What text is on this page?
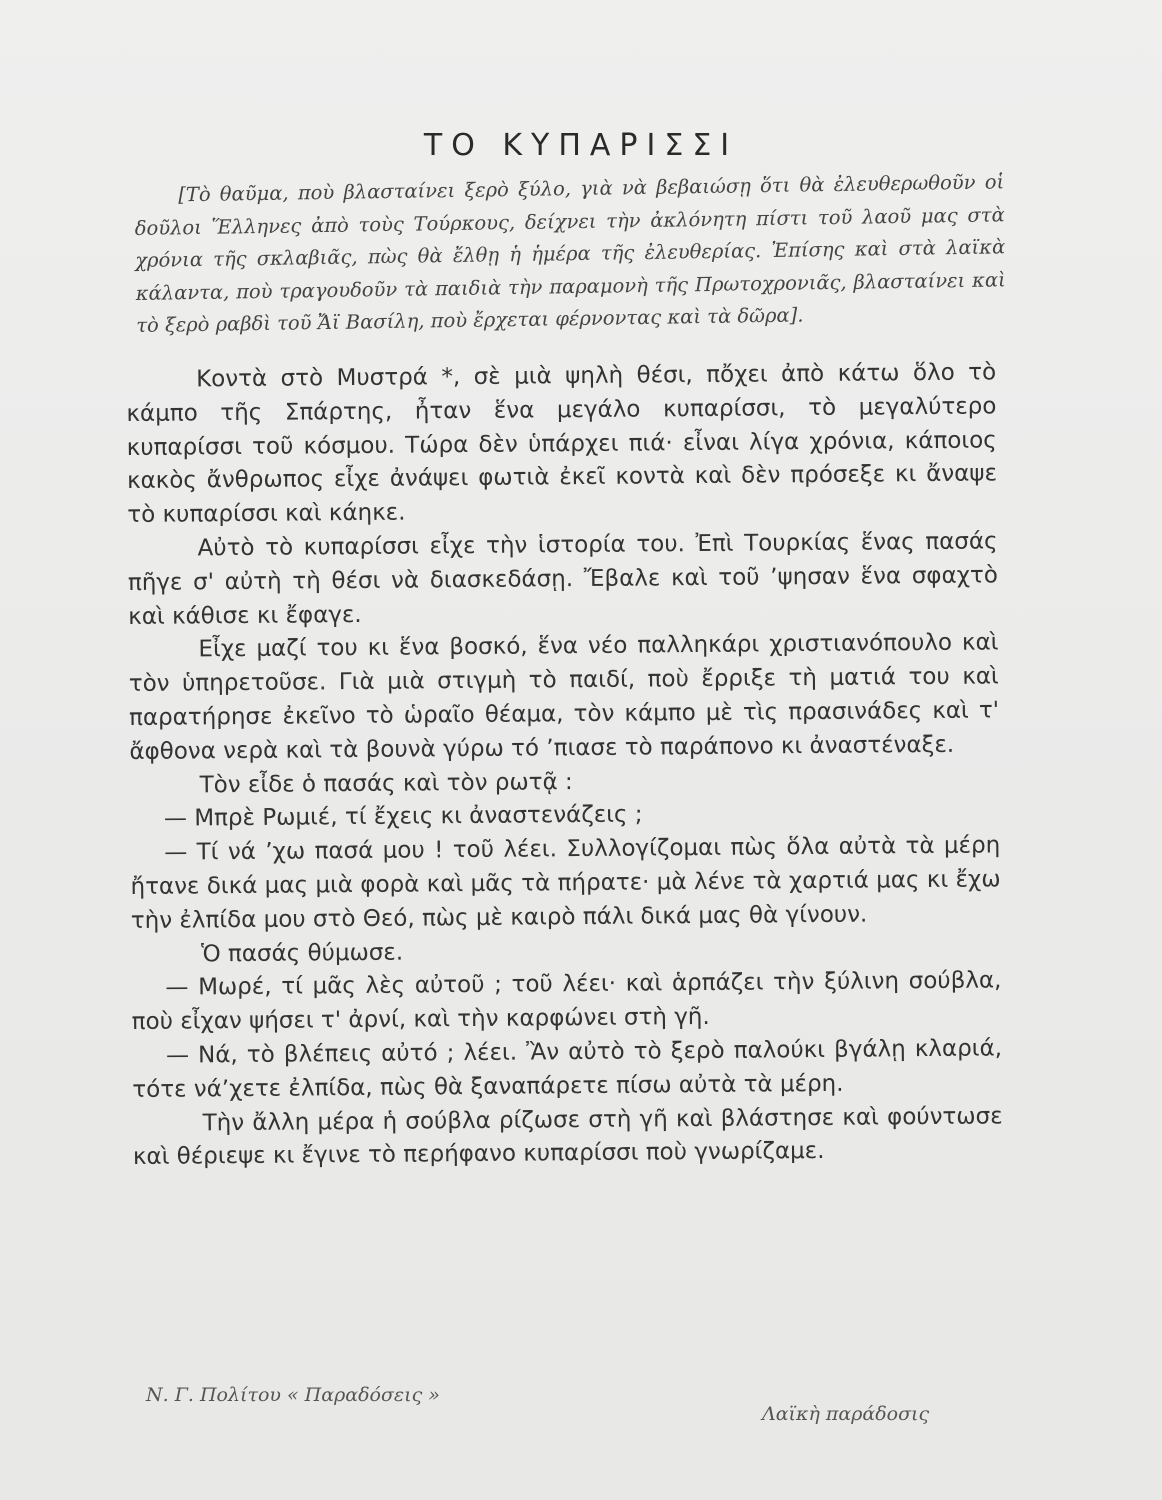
ΤΟ ΚΥΠΑΡΙΣΣΙ

[Τὸ θαῦμα, ποὺ βλασταίνει ξερὸ ξύλο, γιὰ νὰ βεβαιώσῃ ὅτι θὰ ἐλευθερωθοῦν οἱ δοῦλοι Ἕλληνες ἀπὸ τοὺς Τούρκους, δείχνει τὴν ἀκλόνητη πίστι τοῦ λαοῦ μας στὰ χρόνια τῆς σκλαβιᾶς, πὼς θὰ ἔλθῃ ἡ ἡμέρα τῆς ἐλευθερίας. Ἐπίσης καὶ στὰ λαϊκὰ κάλαντα, ποὺ τραγουδοῦν τὰ παιδιὰ τὴν παραμονὴ τῆς Πρωτοχρονιᾶς, βλασταίνει καὶ τὸ ξερὸ ραβδὶ τοῦ Ἄϊ Βασίλη, ποὺ ἔρχεται φέρνοντας καὶ τὰ δῶρα].

Κοντὰ στὸ Μυστρά *, σὲ μιὰ ψηλὴ θέσι, πὄχει ἀπὸ κάτω ὅλο τὸ κάμπο τῆς Σπάρτης, ἦταν ἕνα μεγάλο κυπαρίσσι, τὸ μεγαλύτερο κυπαρίσσι τοῦ κόσμου. Τώρα δὲν ὑπάρχει πιά· εἶναι λίγα χρόνια, κάποιος κακὸς ἄνθρωπος εἶχε ἀνάψει φωτιὰ ἐκεῖ κοντὰ καὶ δὲν πρόσεξε κι ἄναψε τὸ κυπαρίσσι καὶ κάηκε.

Αὐτὸ τὸ κυπαρίσσι εἶχε τὴν ἱστορία του. Ἐπὶ Τουρκίας ἕνας πασάς πῆγε σ' αὐτὴ τὴ θέσι νὰ διασκεδάσῃ. Ἔβαλε καὶ τοῦ ’ψησαν ἕνα σφαχτὸ καὶ κάθισε κι ἔφαγε.

Εἶχε μαζί του κι ἕνα βοσκό, ἕνα νέο παλληκάρι χριστιανόπουλο καὶ τὸν ὑπηρετοῦσε. Γιὰ μιὰ στιγμὴ τὸ παιδί, ποὺ ἔρριξε τὴ ματιά του καὶ παρατήρησε ἐκεῖνο τὸ ὡραῖο θέαμα, τὸν κάμπο μὲ τὶς πρασινάδες καὶ τ' ἄφθονα νερὰ καὶ τὰ βουνὰ γύρω τό ’πιασε τὸ παράπονο κι ἀναστέναξε.

Τὸν εἶδε ὁ πασάς καὶ τὸν ρωτᾷ :

— Μπρὲ Ρωμιέ, τί ἔχεις κι ἀναστενάζεις ;

— Τί νά ’χω πασά μου ! τοῦ λέει. Συλλογίζομαι πὼς ὅλα αὐτὰ τὰ μέρη ἤτανε δικά μας μιὰ φορὰ καὶ μᾶς τὰ πήρατε· μὰ λένε τὰ χαρτιά μας κι ἔχω τὴν ἐλπίδα μου στὸ Θεό, πὼς μὲ καιρὸ πάλι δικά μας θὰ γίνουν.

Ὁ πασάς θύμωσε.

— Μωρέ, τί μᾶς λὲς αὐτοῦ ; τοῦ λέει· καὶ ἁρπάζει τὴν ξύλινη σούβλα, ποὺ εἶχαν ψήσει τ' ἀρνί, καὶ τὴν καρφώνει στὴ γῆ.

— Νά, τὸ βλέπεις αὐτό ; λέει. Ἂν αὐτὸ τὸ ξερὸ παλούκι βγάλῃ κλαριά, τότε νά’χετε ἐλπίδα, πὼς θὰ ξαναπάρετε πίσω αὐτὰ τὰ μέρη.

Τὴν ἄλλη μέρα ἡ σούβλα ρίζωσε στὴ γῆ καὶ βλάστησε καὶ φούντωσε καὶ θέριεψε κι ἔγινε τὸ περήφανο κυπαρίσσι ποὺ γνωρίζαμε.

Ν. Γ. Πολίτου « Παραδόσεις »
Λαϊκὴ παράδοσις
